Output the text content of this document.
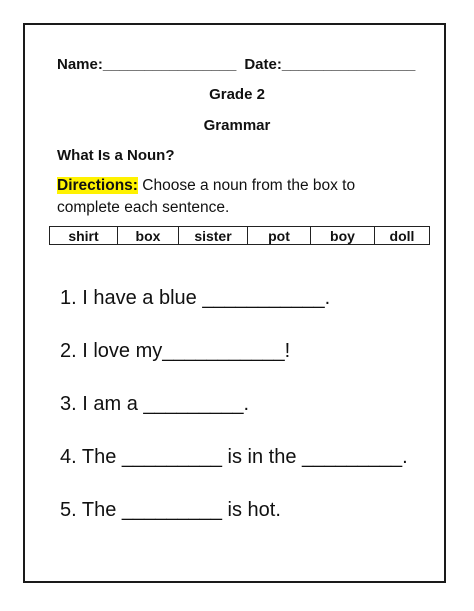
Name:________________ Date:________________
Grade 2
Grammar
What Is a Noun?
Directions: Choose a noun from the box to complete each sentence.
shirt	box	sister	pot	boy	doll
1. I have a blue ___________.
2. I love my___________!
3. I am a _________.
4. The _________ is in the _________.
5. The _________ is hot.
